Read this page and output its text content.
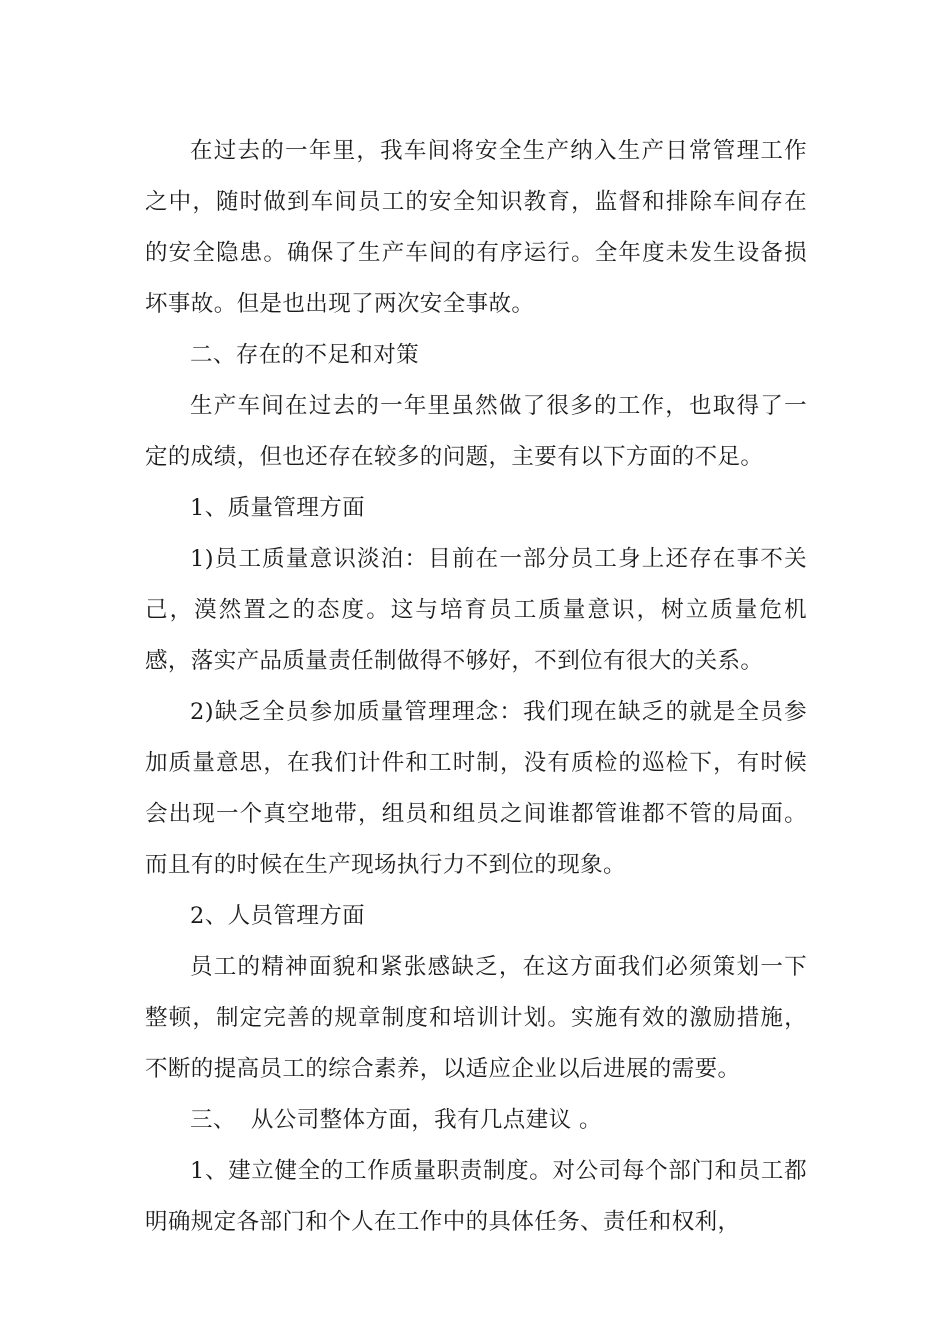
在过去的一年里，我车间将安全生产纳入生产日常管理工作之中，随时做到车间员工的安全知识教育，监督和排除车间存在的安全隐患。确保了生产车间的有序运行。全年度未发生设备损坏事故。但是也出现了两次安全事故。

二、存在的不足和对策

生产车间在过去的一年里虽然做了很多的工作，也取得了一定的成绩，但也还存在较多的问题，主要有以下方面的不足。

1、质量管理方面

1)员工质量意识淡泊：目前在一部分员工身上还存在事不关己，漠然置之的态度。这与培育员工质量意识，树立质量危机感，落实产品质量责任制做得不够好，不到位有很大的关系。

2)缺乏全员参加质量管理理念：我们现在缺乏的就是全员参加质量意思，在我们计件和工时制，没有质检的巡检下，有时候会出现一个真空地带，组员和组员之间谁都管谁都不管的局面。而且有的时候在生产现场执行力不到位的现象。

2、人员管理方面

员工的精神面貌和紧张感缺乏，在这方面我们必须策划一下整顿，制定完善的规章制度和培训计划。实施有效的激励措施，不断的提高员工的综合素养，以适应企业以后进展的需要。

三、  从公司整体方面，我有几点建议 。

1、建立健全的工作质量职责制度。对公司每个部门和员工都明确规定各部门和个人在工作中的具体任务、责任和权利，
